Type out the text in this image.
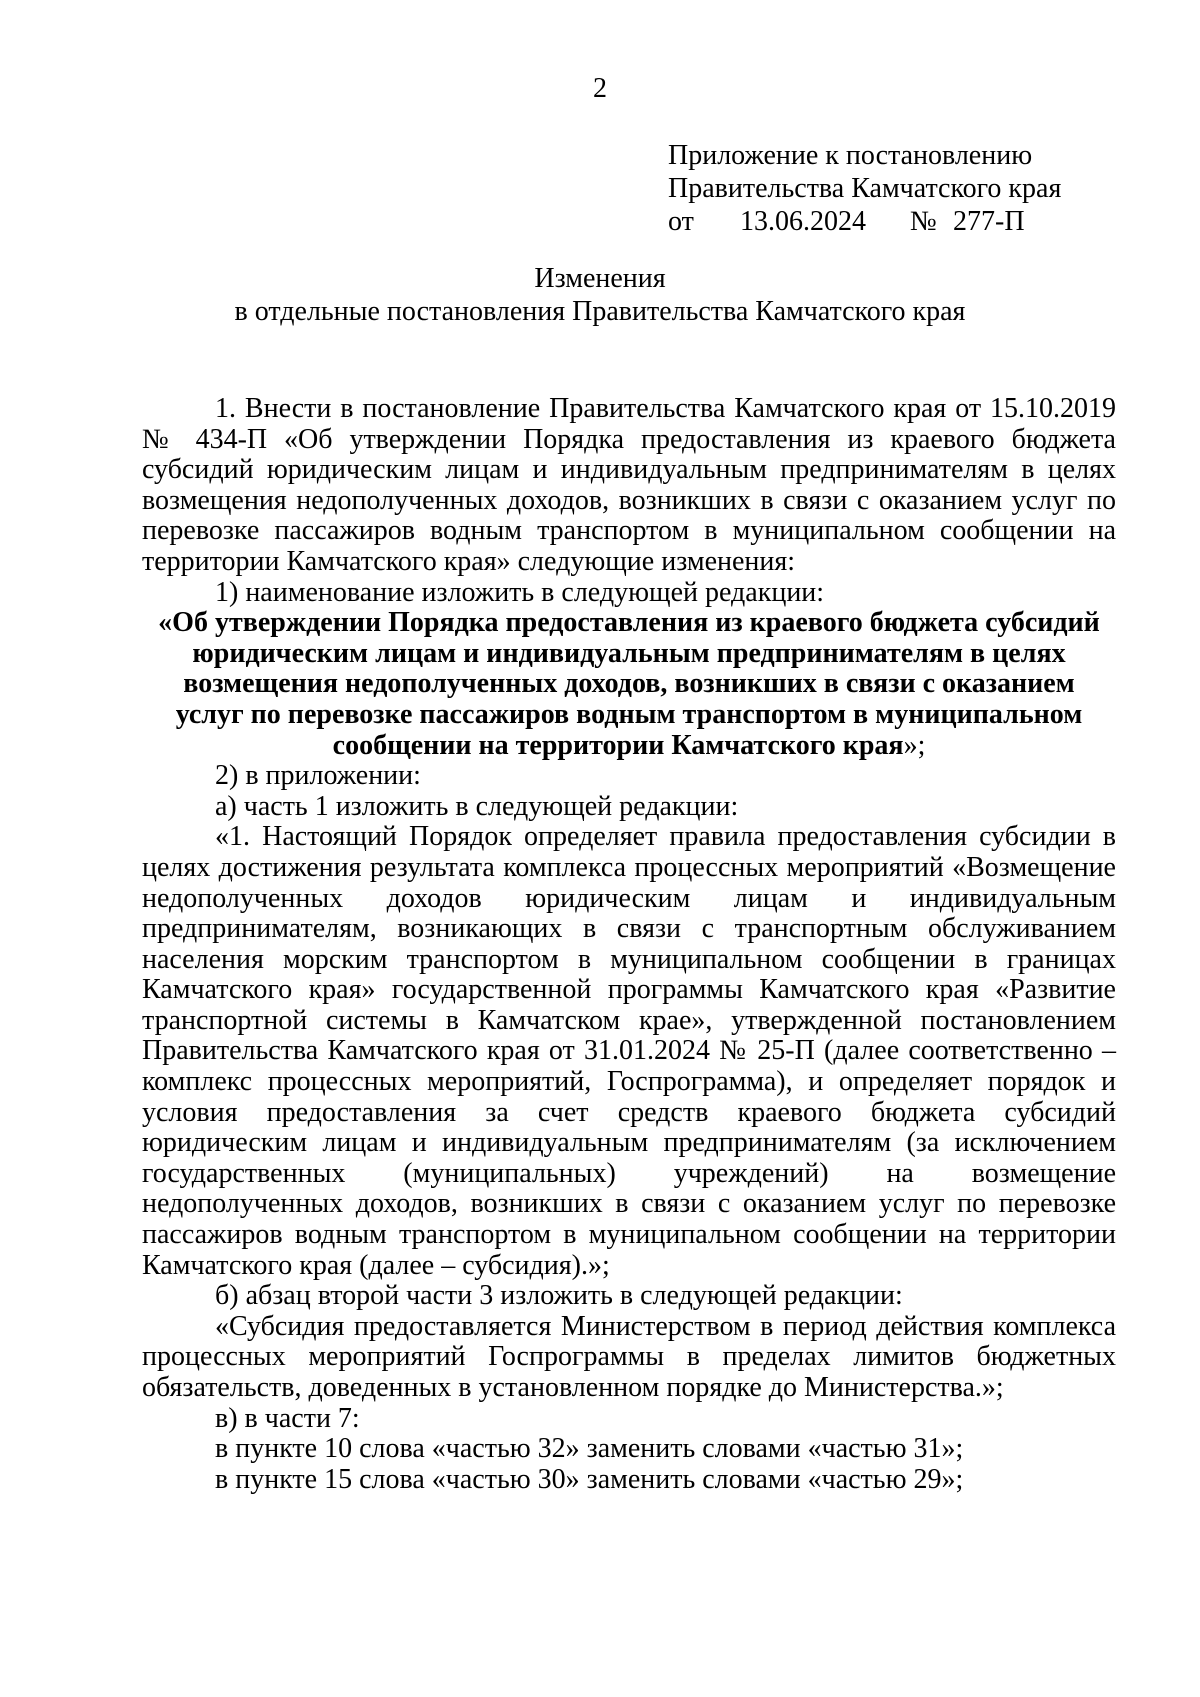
2
Приложение к постановлению
Правительства Камчатского края
от 13.06.2024 № 277-П
Изменения
в отдельные постановления Правительства Камчатского края

1. Внести в постановление Правительства Камчатского края от 15.10.2019 № 434-П «Об утверждении Порядка предоставления из краевого бюджета субсидий юридическим лицам и индивидуальным предпринимателям в целях возмещения недополученных доходов, возникших в связи с оказанием услуг по перевозке пассажиров водным транспортом в муниципальном сообщении на территории Камчатского края» следующие изменения:

1) наименование изложить в следующей редакции:

«Об утверждении Порядка предоставления из краевого бюджета субсидий юридическим лицам и индивидуальным предпринимателям в целях возмещения недополученных доходов, возникших в связи с оказанием услуг по перевозке пассажиров водным транспортом в муниципальном сообщении на территории Камчатского края»;

2) в приложении:

а) часть 1 изложить в следующей редакции:

«1. Настоящий Порядок определяет правила предоставления субсидии в целях достижения результата комплекса процессных мероприятий «Возмещение недополученных доходов юридическим лицам и индивидуальным предпринимателям, возникающих в связи с транспортным обслуживанием населения морским транспортом в муниципальном сообщении в границах Камчатского края» государственной программы Камчатского края «Развитие транспортной системы в Камчатском крае», утвержденной постановлением Правительства Камчатского края от 31.01.2024 № 25-П (далее соответственно – комплекс процессных мероприятий, Госпрограмма), и определяет порядок и условия предоставления за счет средств краевого бюджета субсидий юридическим лицам и индивидуальным предпринимателям (за исключением государственных (муниципальных) учреждений) на возмещение недополученных доходов, возникших в связи с оказанием услуг по перевозке пассажиров водным транспортом в муниципальном сообщении на территории Камчатского края (далее – субсидия).»;

б) абзац второй части 3 изложить в следующей редакции:

«Субсидия предоставляется Министерством в период действия комплекса процессных мероприятий Госпрограммы в пределах лимитов бюджетных обязательств, доведенных в установленном порядке до Министерства.»;

в) в части 7:

в пункте 10 слова «частью 32» заменить словами «частью 31»;

в пункте 15 слова «частью 30» заменить словами «частью 29»;
